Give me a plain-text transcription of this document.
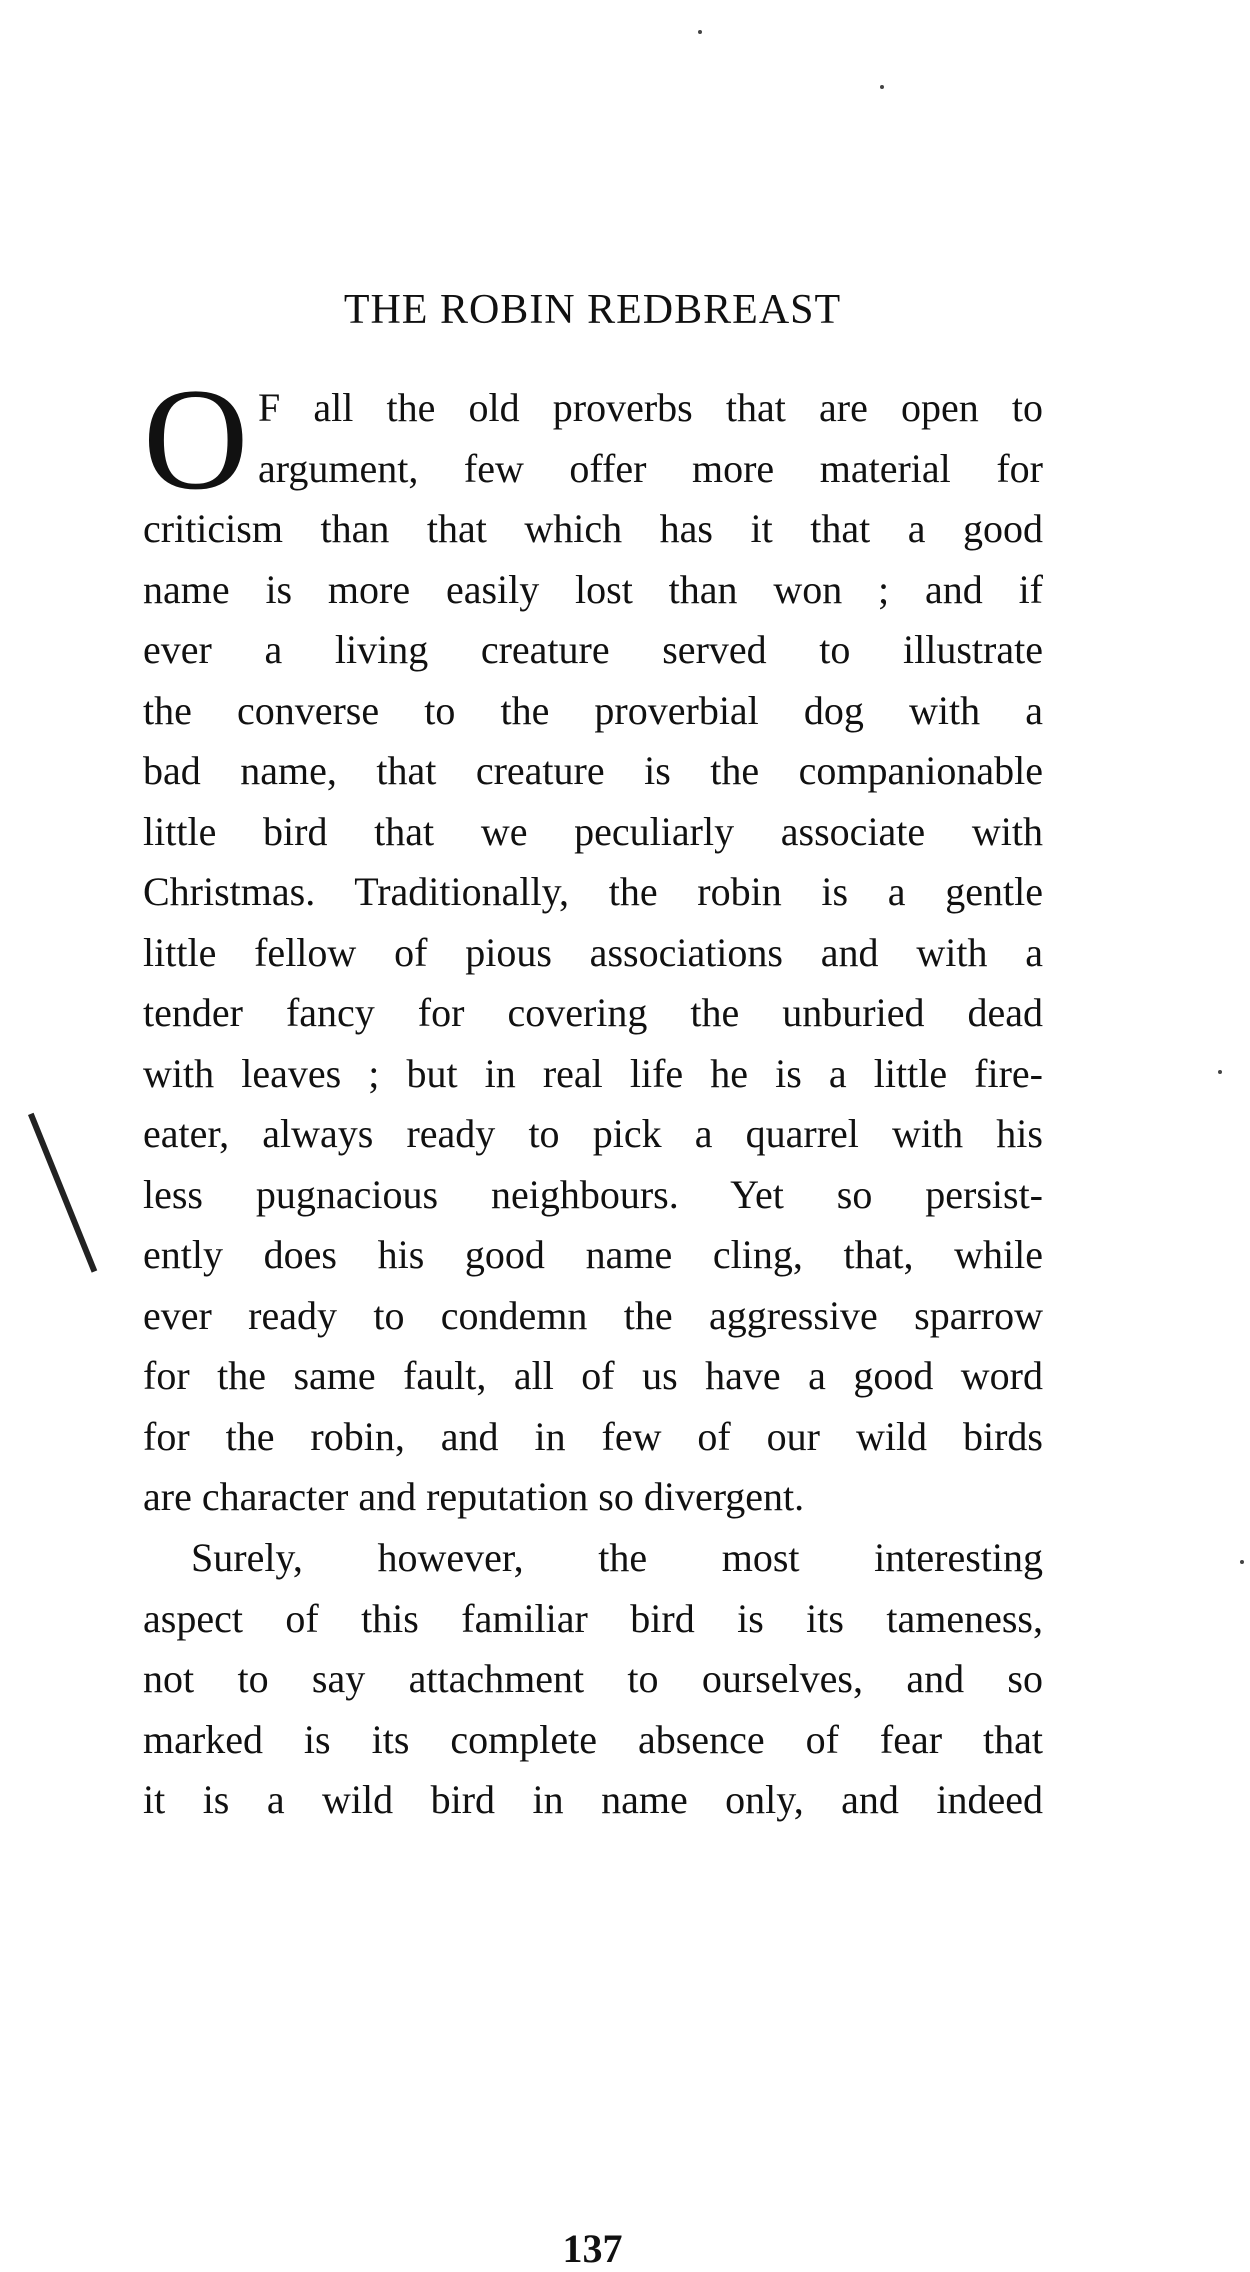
THE ROBIN REDBREAST
O F all the old proverbs that are open to
argument, few offer more material for
criticism than that which has it that a good
name is more easily lost than won ; and if
ever a living creature served to illustrate
the converse to the proverbial dog with a
bad name, that creature is the companionable
little bird that we peculiarly associate with
Christmas. Traditionally, the robin is a gentle
little fellow of pious associations and with a
tender fancy for covering the unburied dead
with leaves ; but in real life he is a little fire-
eater, always ready to pick a quarrel with his
less pugnacious neighbours. Yet so persist-
ently does his good name cling, that, while
ever ready to condemn the aggressive sparrow
for the same fault, all of us have a good word
for the robin, and in few of our wild birds
are character and reputation so divergent.
Surely, however, the most interesting
aspect of this familiar bird is its tameness,
not to say attachment to ourselves, and so
marked is its complete absence of fear that
it is a wild bird in name only, and indeed
137
